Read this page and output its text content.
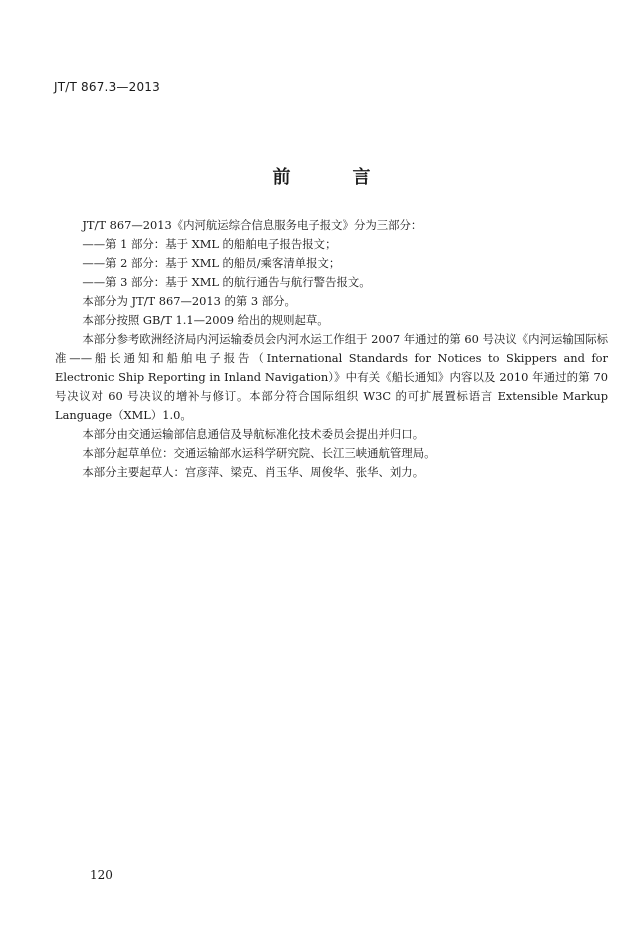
JT/T 867.3—2013
前　言

JT/T 867—2013《内河航运综合信息服务电子报文》分为三部分：

——第 1 部分：基于 XML 的船舶电子报告报文；

——第 2 部分：基于 XML 的船员/乘客清单报文；

——第 3 部分：基于 XML 的航行通告与航行警告报文。

本部分为 JT/T 867—2013 的第 3 部分。

本部分按照 GB/T 1.1—2009 给出的规则起草。

本部分参考欧洲经济局内河运输委员会内河水运工作组于 2007 年通过的第 60 号决议《内河运输国际标准——船长通知和船舶电子报告（International Standards for Notices to Skippers and for Electronic Ship Reporting in Inland Navigation）》中有关《船长通知》内容以及 2010 年通过的第 70 号决议对 60 号决议的增补与修订。本部分符合国际组织 W3C 的可扩展置标语言 Extensible Markup Language（XML）1.0。

本部分由交通运输部信息通信及导航标准化技术委员会提出并归口。

本部分起草单位：交通运输部水运科学研究院、长江三峡通航管理局。

本部分主要起草人：宫彦萍、梁克、肖玉华、周俊华、张华、刘力。

120
